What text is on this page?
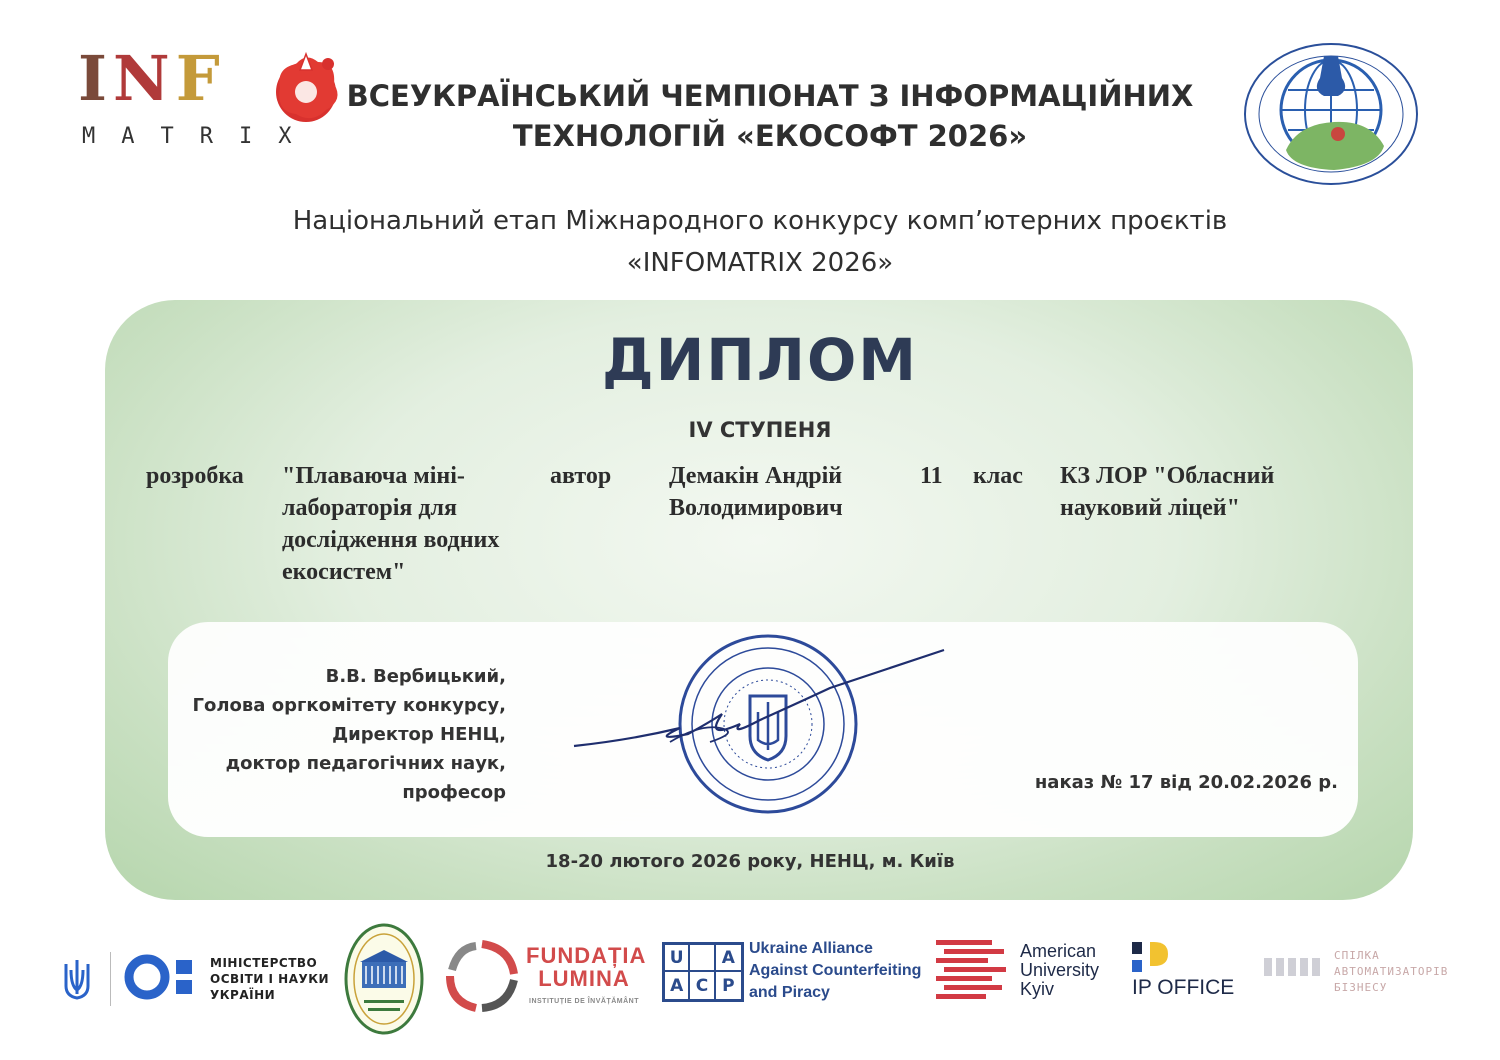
INF
MATRIX
ВСЕУКРАЇНСЬКИЙ ЧЕМПІОНАТ З ІНФОРМАЦІЙНИХ
ТЕХНОЛОГІЙ «ЕКОСОФТ 2026»
Національний етап Міжнародного конкурсу комп’ютерних проєктів
«INFOMATRIX 2026»
ДИПЛОМ
IV СТУПЕНЯ
розробка "Плаваюча міні-лабораторія для дослідження водних екосистем"
автор Демакін Андрій Володимирович
11 клас КЗ ЛОР "Обласний науковий ліцей"
В.В. Вербицький,
Голова оргкомітету конкурсу,
Директор НЕНЦ,
доктор педагогічних наук,
професор	наказ № 17 від 20.02.2026 р.
18-20 лютого 2026 року, НЕНЦ, м. Київ
МІНІСТЕРСТВО
ОСВІТИ І НАУКИ
УКРАЇНИ
FUNDAȚIA
LUMINA
INSTITUȚIE DE ÎNVĂȚĂMÂNT
U	A
A C P
Ukraine Alliance
Against Counterfeiting
and Piracy
American
University
Kyiv	IP OFFICE
СПІЛКА
АВТОМАТИЗАТОРІВ
БІЗНЕСУ
